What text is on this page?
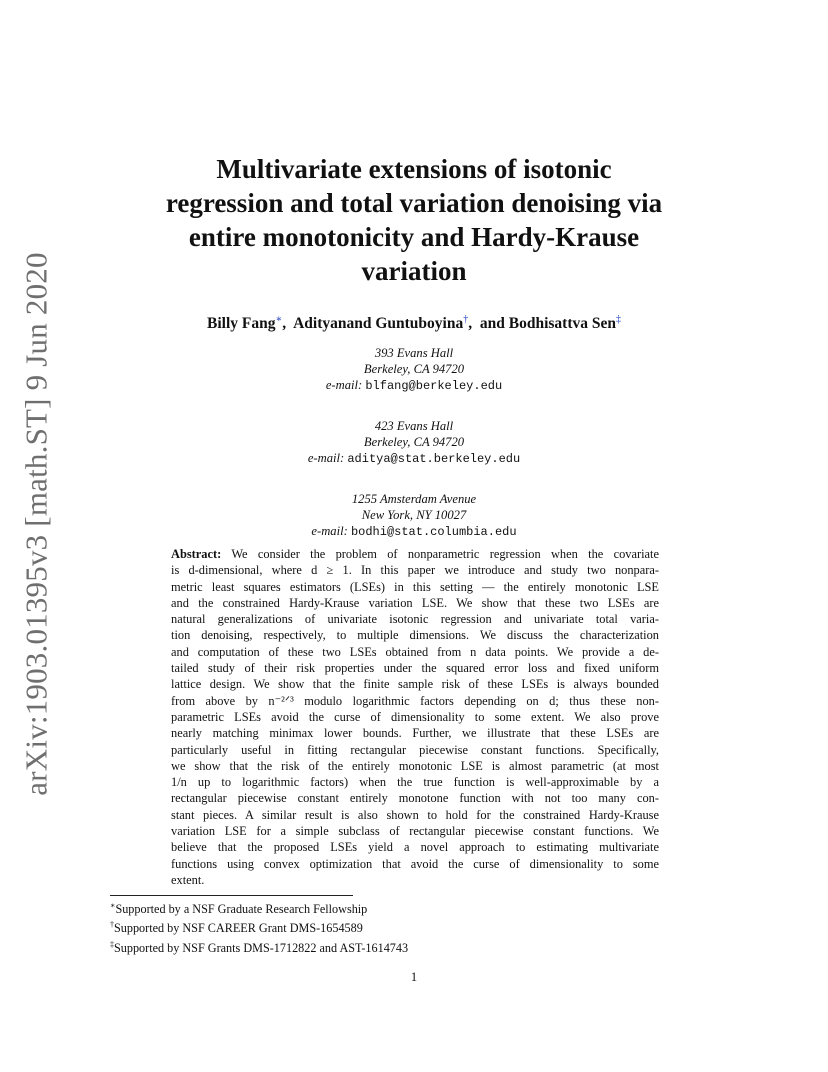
arXiv:1903.01395v3 [math.ST] 9 Jun 2020
Multivariate extensions of isotonic
regression and total variation denoising via
entire monotonicity and Hardy-Krause
variation
Billy Fang∗,  Adityanand Guntuboyina†,  and Bodhisattva Sen‡
393 Evans Hall
Berkeley, CA 94720
e-mail: blfang@berkeley.edu
423 Evans Hall
Berkeley, CA 94720
e-mail: aditya@stat.berkeley.edu
1255 Amsterdam Avenue
New York, NY 10027
e-mail: bodhi@stat.columbia.edu
Abstract: We consider the problem of nonparametric regression when the covariate
is d-dimensional, where d ≥ 1. In this paper we introduce and study two nonpara-
metric least squares estimators (LSEs) in this setting — the entirely monotonic LSE
and the constrained Hardy-Krause variation LSE. We show that these two LSEs are
natural generalizations of univariate isotonic regression and univariate total varia-
tion denoising, respectively, to multiple dimensions. We discuss the characterization
and computation of these two LSEs obtained from n data points. We provide a de-
tailed study of their risk properties under the squared error loss and fixed uniform
lattice design. We show that the finite sample risk of these LSEs is always bounded
from above by n⁻²ᐟ³ modulo logarithmic factors depending on d; thus these non-
parametric LSEs avoid the curse of dimensionality to some extent. We also prove
nearly matching minimax lower bounds. Further, we illustrate that these LSEs are
particularly useful in fitting rectangular piecewise constant functions. Specifically,
we show that the risk of the entirely monotonic LSE is almost parametric (at most
1/n up to logarithmic factors) when the true function is well-approximable by a
rectangular piecewise constant entirely monotone function with not too many con-
stant pieces. A similar result is also shown to hold for the constrained Hardy-Krause
variation LSE for a simple subclass of rectangular piecewise constant functions. We
believe that the proposed LSEs yield a novel approach to estimating multivariate
functions using convex optimization that avoid the curse of dimensionality to some
extent.
∗Supported by a NSF Graduate Research Fellowship
†Supported by NSF CAREER Grant DMS-1654589
‡Supported by NSF Grants DMS-1712822 and AST-1614743
1
